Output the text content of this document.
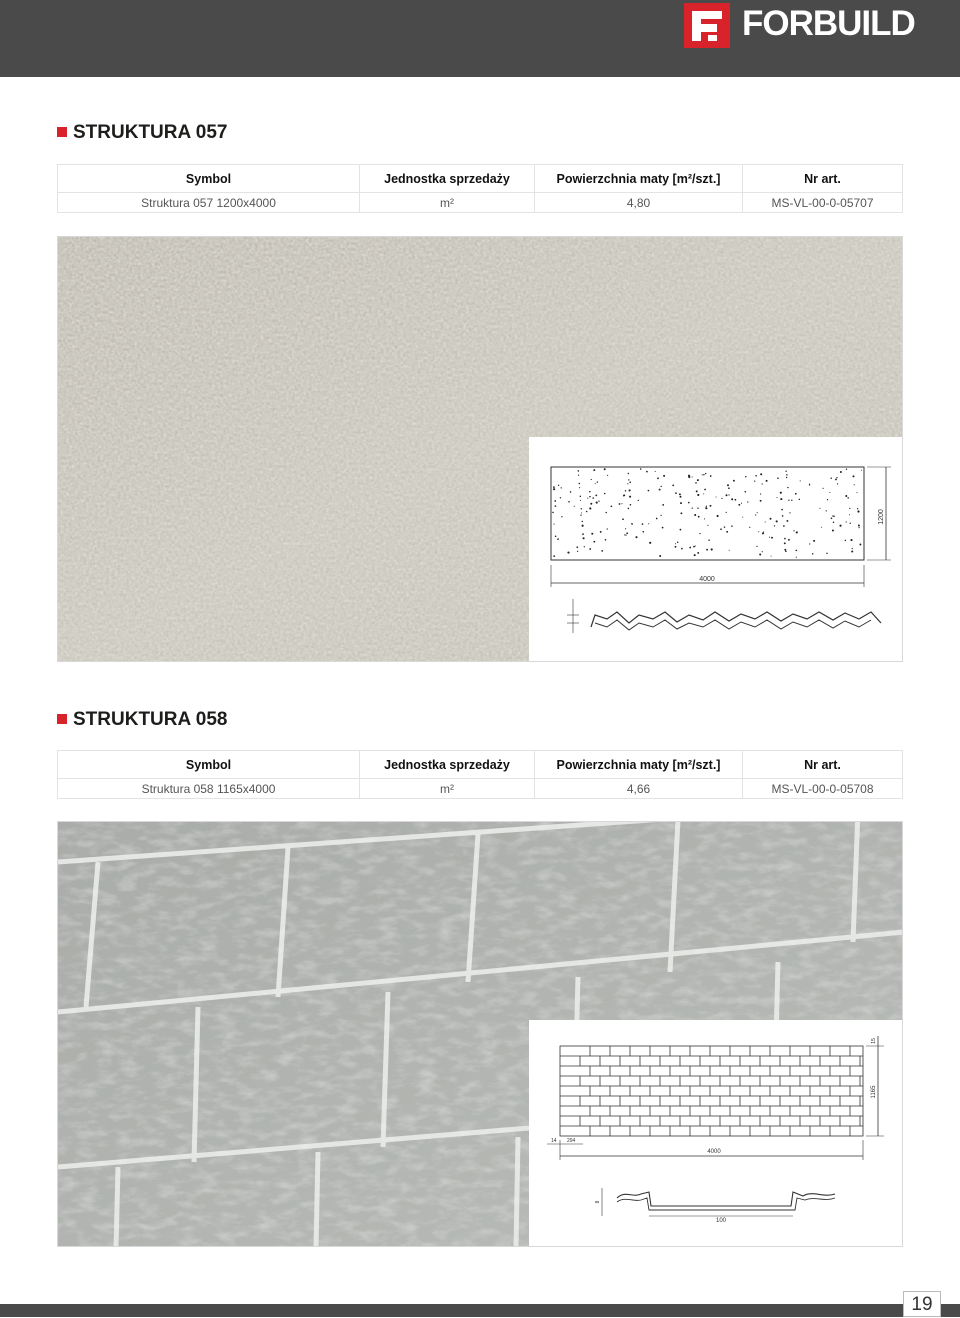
FORBUILD
STRUKTURA 057
Symbol	Jednostka sprzedaży	Powierzchnia maty [m²/szt.]	Nr art.
Struktura 057 1200x4000	m²	4,80	MS-VL-00-0-05707
4000
1200
STRUKTURA 058
Symbol	Jednostka sprzedaży	Powierzchnia maty [m²/szt.]	Nr art.
Struktura 058 1165x4000	m²	4,66	MS-VL-00-0-05708
1165
15
4000
14 294
8
100
19
